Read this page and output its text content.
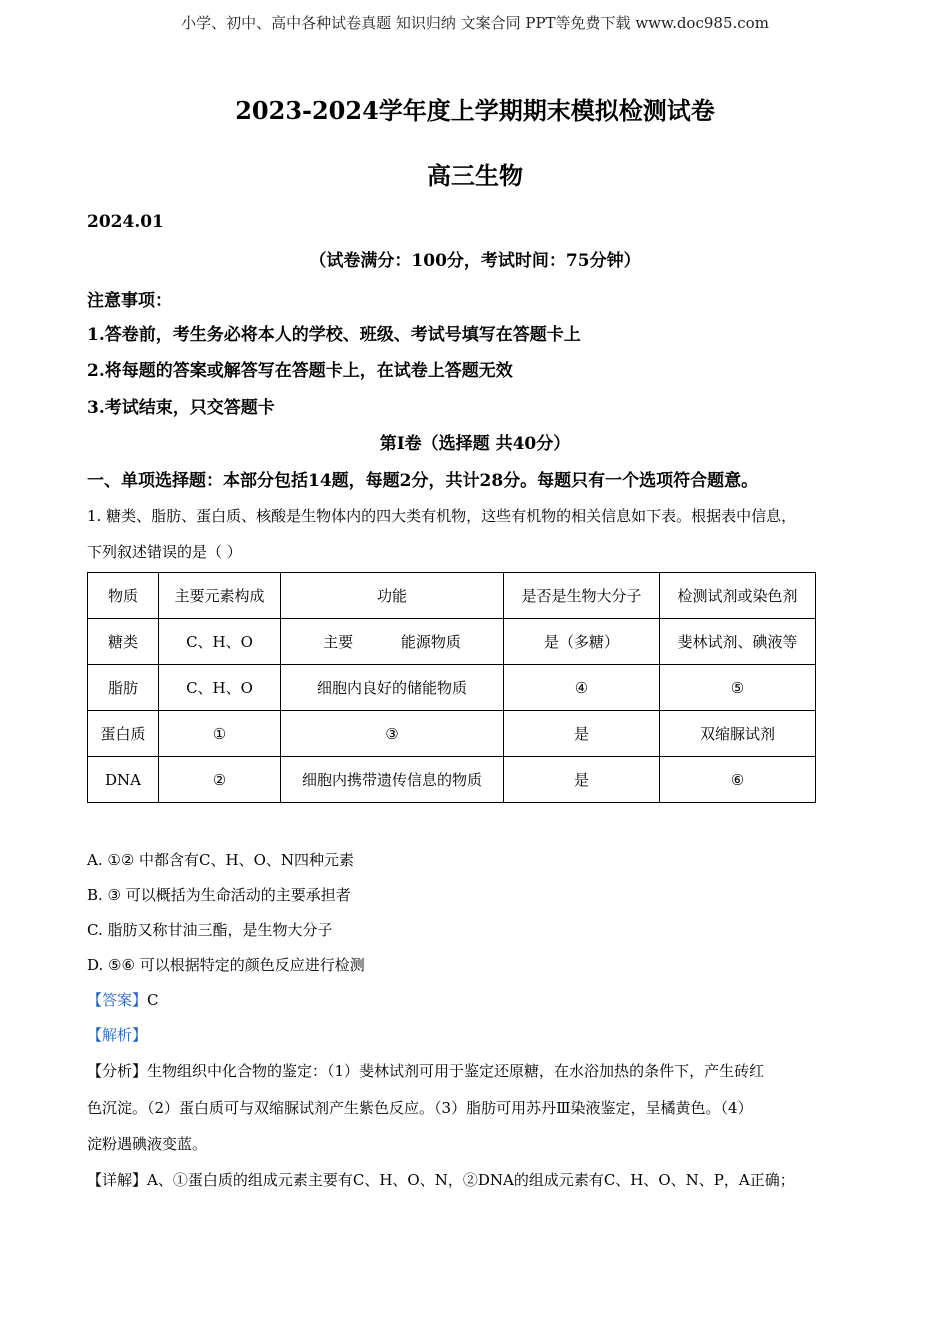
小学、初中、高中各种试卷真题 知识归纳 文案合同 PPT等免费下载 www.doc985.com
2023-2024学年度上学期期末模拟检测试卷
高三生物
2024.01
（试卷满分：100分，考试时间：75分钟）
注意事项：
1.答卷前，考生务必将本人的学校、班级、考试号填写在答题卡上
2.将每题的答案或解答写在答题卡上，在试卷上答题无效
3.考试结束，只交答题卡
第Ⅰ卷（选择题 共40分）
一、单项选择题：本部分包括14题，每题2分，共计28分。每题只有一个选项符合题意。
1. 糖类、脂肪、蛋白质、核酸是生物体内的四大类有机物，这些有机物的相关信息如下表。根据表中信息，
下列叙述错误的是（ ）
物质	主要元素构成	功能	是否是生物大分子	检测试剂或染色剂
糖类	C、H、O	主要          能源物质	是（多糖）	斐林试剂、碘液等
脂肪	C、H、O	细胞内良好的储能物质	④	⑤
蛋白质	①	③	是	双缩脲试剂
DNA	②	细胞内携带遗传信息的物质	是	⑥
A. ①② 中都含有C、H、O、N四种元素
B. ③ 可以概括为生命活动的主要承担者
C. 脂肪又称甘油三酯，是生物大分子
D. ⑤⑥ 可以根据特定的颜色反应进行检测
【答案】C
【解析】
【分析】生物组织中化合物的鉴定：（1）斐林试剂可用于鉴定还原糖，在水浴加热的条件下，产生砖红
色沉淀。（2）蛋白质可与双缩脲试剂产生紫色反应。（3）脂肪可用苏丹Ⅲ染液鉴定，呈橘黄色。（4）
淀粉遇碘液变蓝。
【详解】A、①蛋白质的组成元素主要有C、H、O、N，②DNA的组成元素有C、H、O、N、P，A正确；
